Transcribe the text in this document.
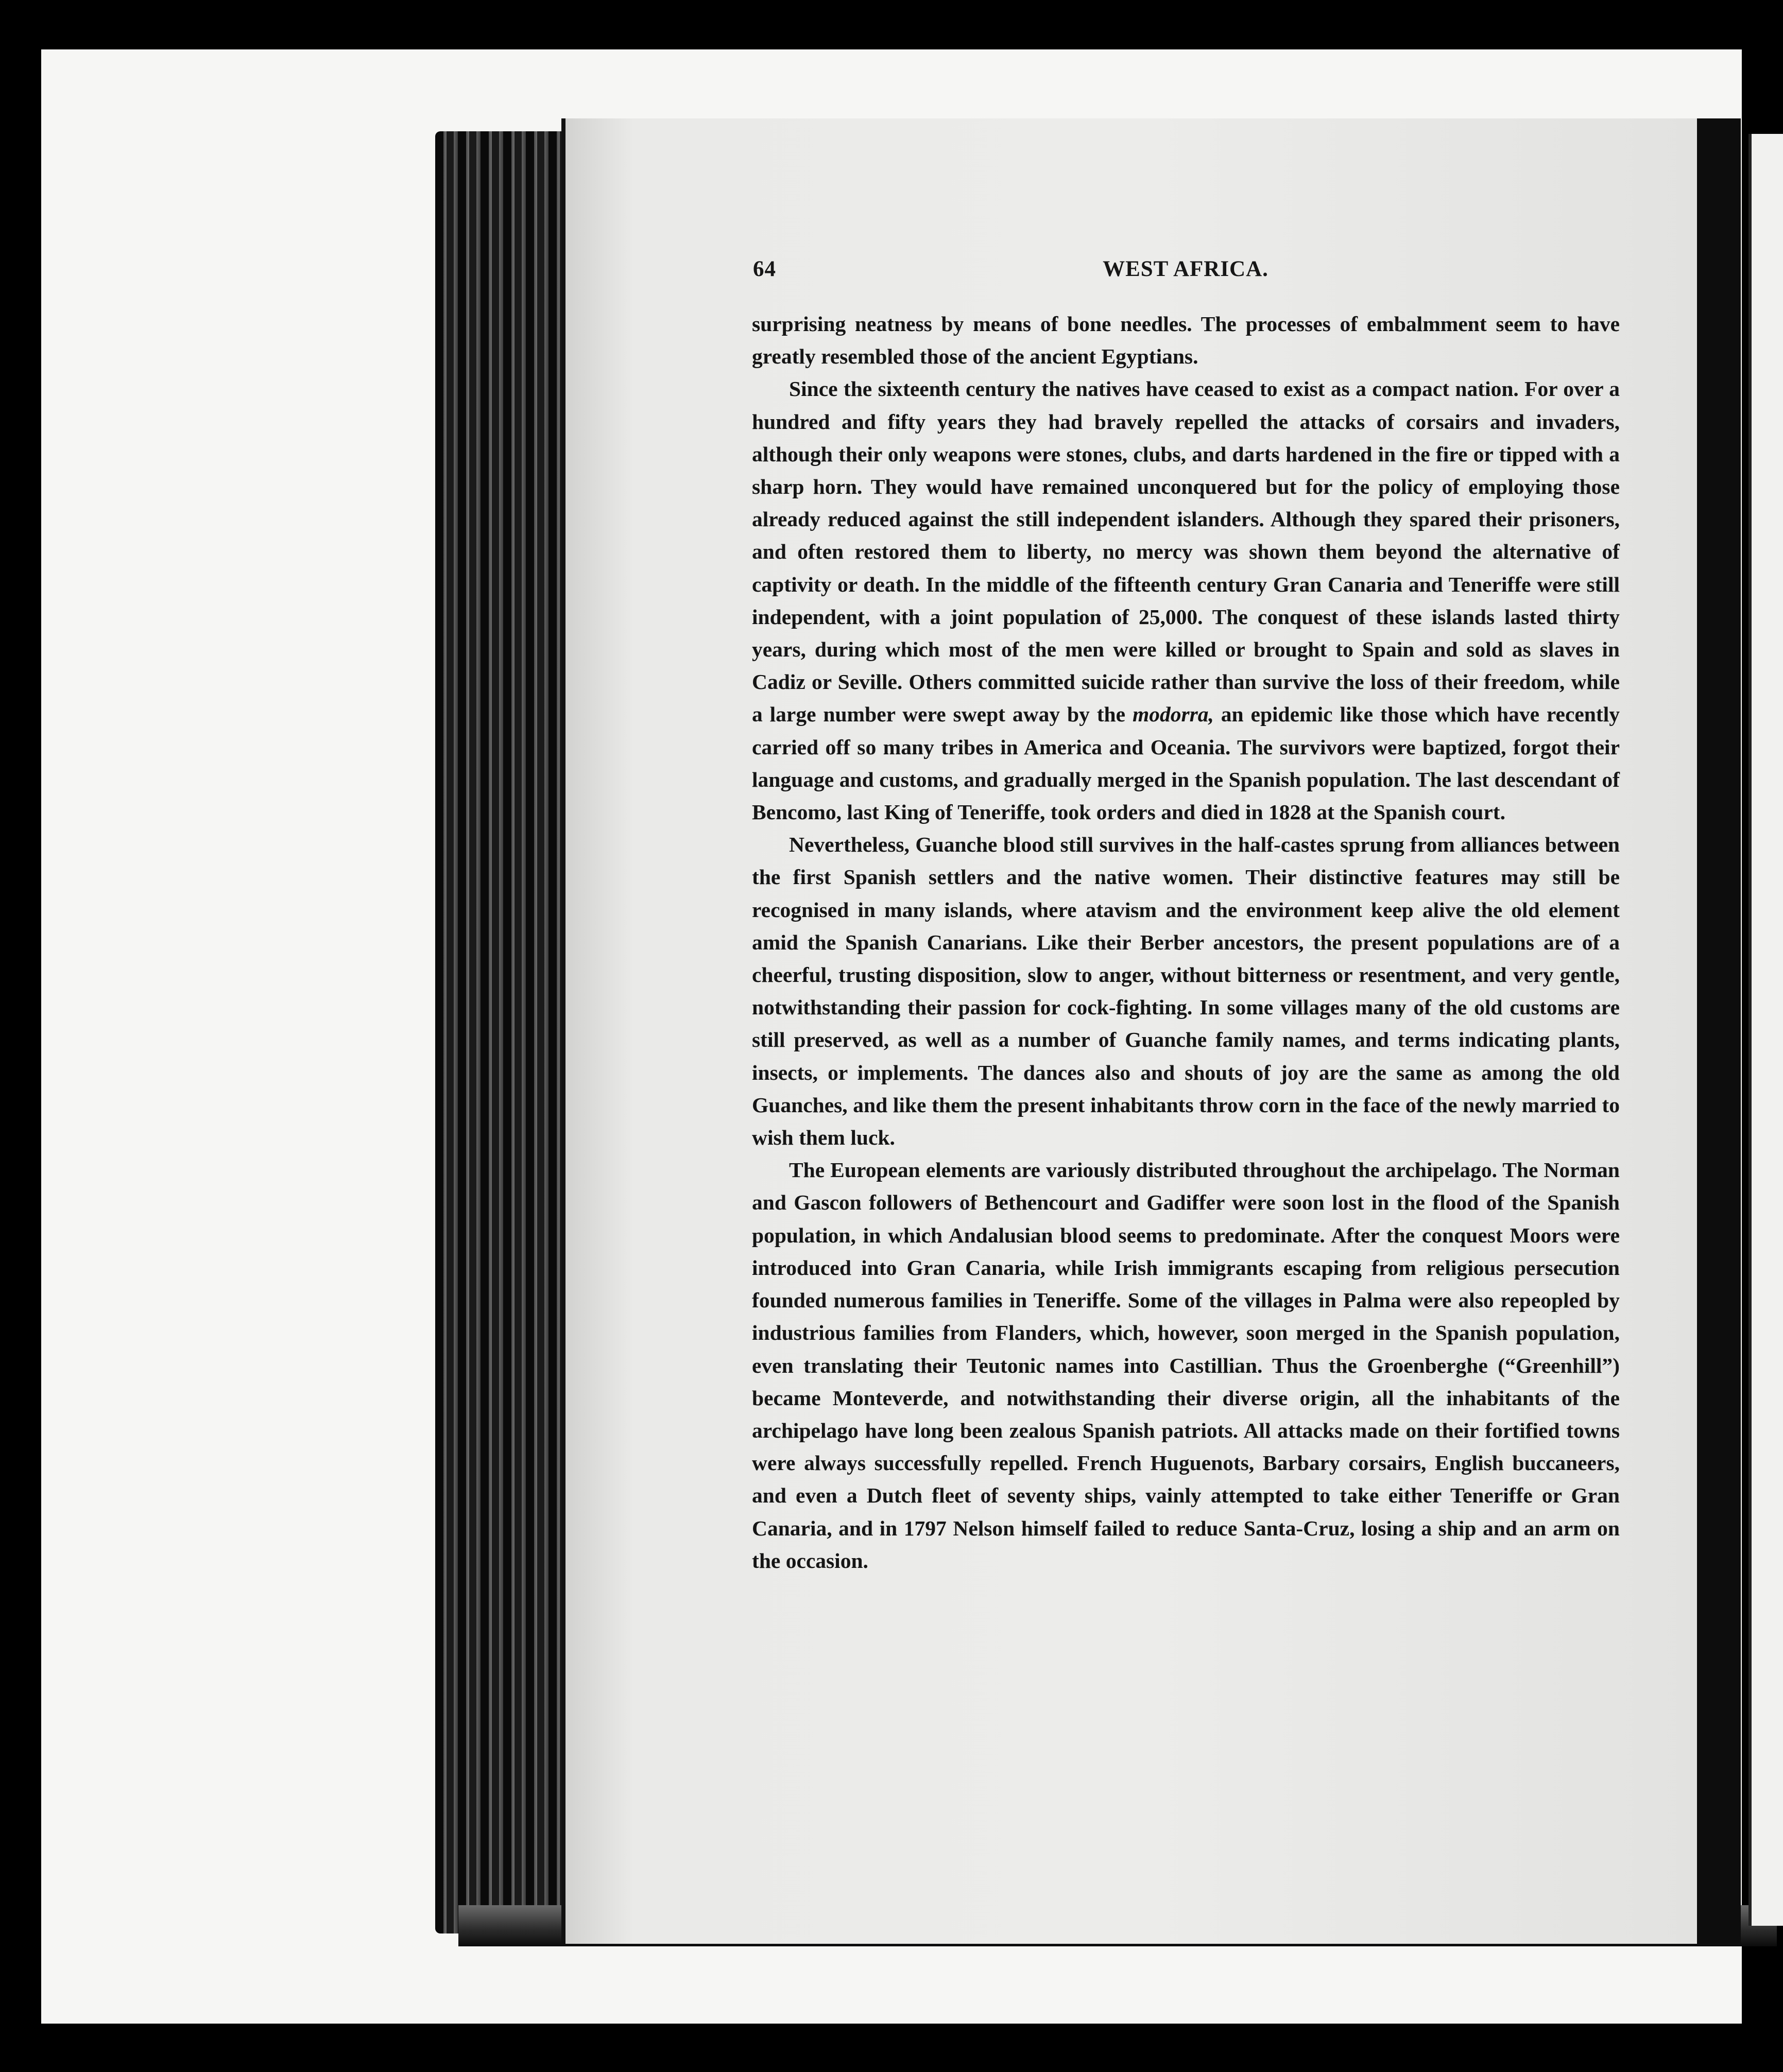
64	WEST AFRICA.

surprising neatness by means of bone needles. The processes of embalmment seem to have greatly resembled those of the ancient Egyptians.

Since the sixteenth century the natives have ceased to exist as a compact nation. For over a hundred and fifty years they had bravely repelled the attacks of corsairs and invaders, although their only weapons were stones, clubs, and darts hardened in the fire or tipped with a sharp horn. They would have remained unconquered but for the policy of employing those already reduced against the still independent islanders. Although they spared their prisoners, and often restored them to liberty, no mercy was shown them beyond the alternative of captivity or death. In the middle of the fifteenth century Gran Canaria and Teneriffe were still independent, with a joint population of 25,000. The conquest of these islands lasted thirty years, during which most of the men were killed or brought to Spain and sold as slaves in Cadiz or Seville. Others committed suicide rather than survive the loss of their freedom, while a large number were swept away by the modorra, an epidemic like those which have recently carried off so many tribes in America and Oceania. The survivors were baptized, forgot their language and customs, and gradually merged in the Spanish population. The last descendant of Bencomo, last King of Teneriffe, took orders and died in 1828 at the Spanish court.

Nevertheless, Guanche blood still survives in the half-castes sprung from alliances between the first Spanish settlers and the native women. Their distinctive features may still be recognised in many islands, where atavism and the environment keep alive the old element amid the Spanish Canarians. Like their Berber ancestors, the present populations are of a cheerful, trusting disposition, slow to anger, without bitterness or resentment, and very gentle, notwithstanding their passion for cock-fighting. In some villages many of the old customs are still preserved, as well as a number of Guanche family names, and terms indicating plants, insects, or implements. The dances also and shouts of joy are the same as among the old Guanches, and like them the present inhabitants throw corn in the face of the newly married to wish them luck.

The European elements are variously distributed throughout the archipelago. The Norman and Gascon followers of Bethencourt and Gadiffer were soon lost in the flood of the Spanish population, in which Andalusian blood seems to predominate. After the conquest Moors were introduced into Gran Canaria, while Irish immigrants escaping from religious persecution founded numerous families in Teneriffe. Some of the villages in Palma were also repeopled by industrious families from Flanders, which, however, soon merged in the Spanish population, even translating their Teutonic names into Castillian. Thus the Groenberghe (“Greenhill”) became Monteverde, and notwithstanding their diverse origin, all the inhabitants of the archipelago have long been zealous Spanish patriots. All attacks made on their fortified towns were always successfully repelled. French Huguenots, Barbary corsairs, English buccaneers, and even a Dutch fleet of seventy ships, vainly attempted to take either Teneriffe or Gran Canaria, and in 1797 Nelson himself failed to reduce Santa-Cruz, losing a ship and an arm on the occasion.
